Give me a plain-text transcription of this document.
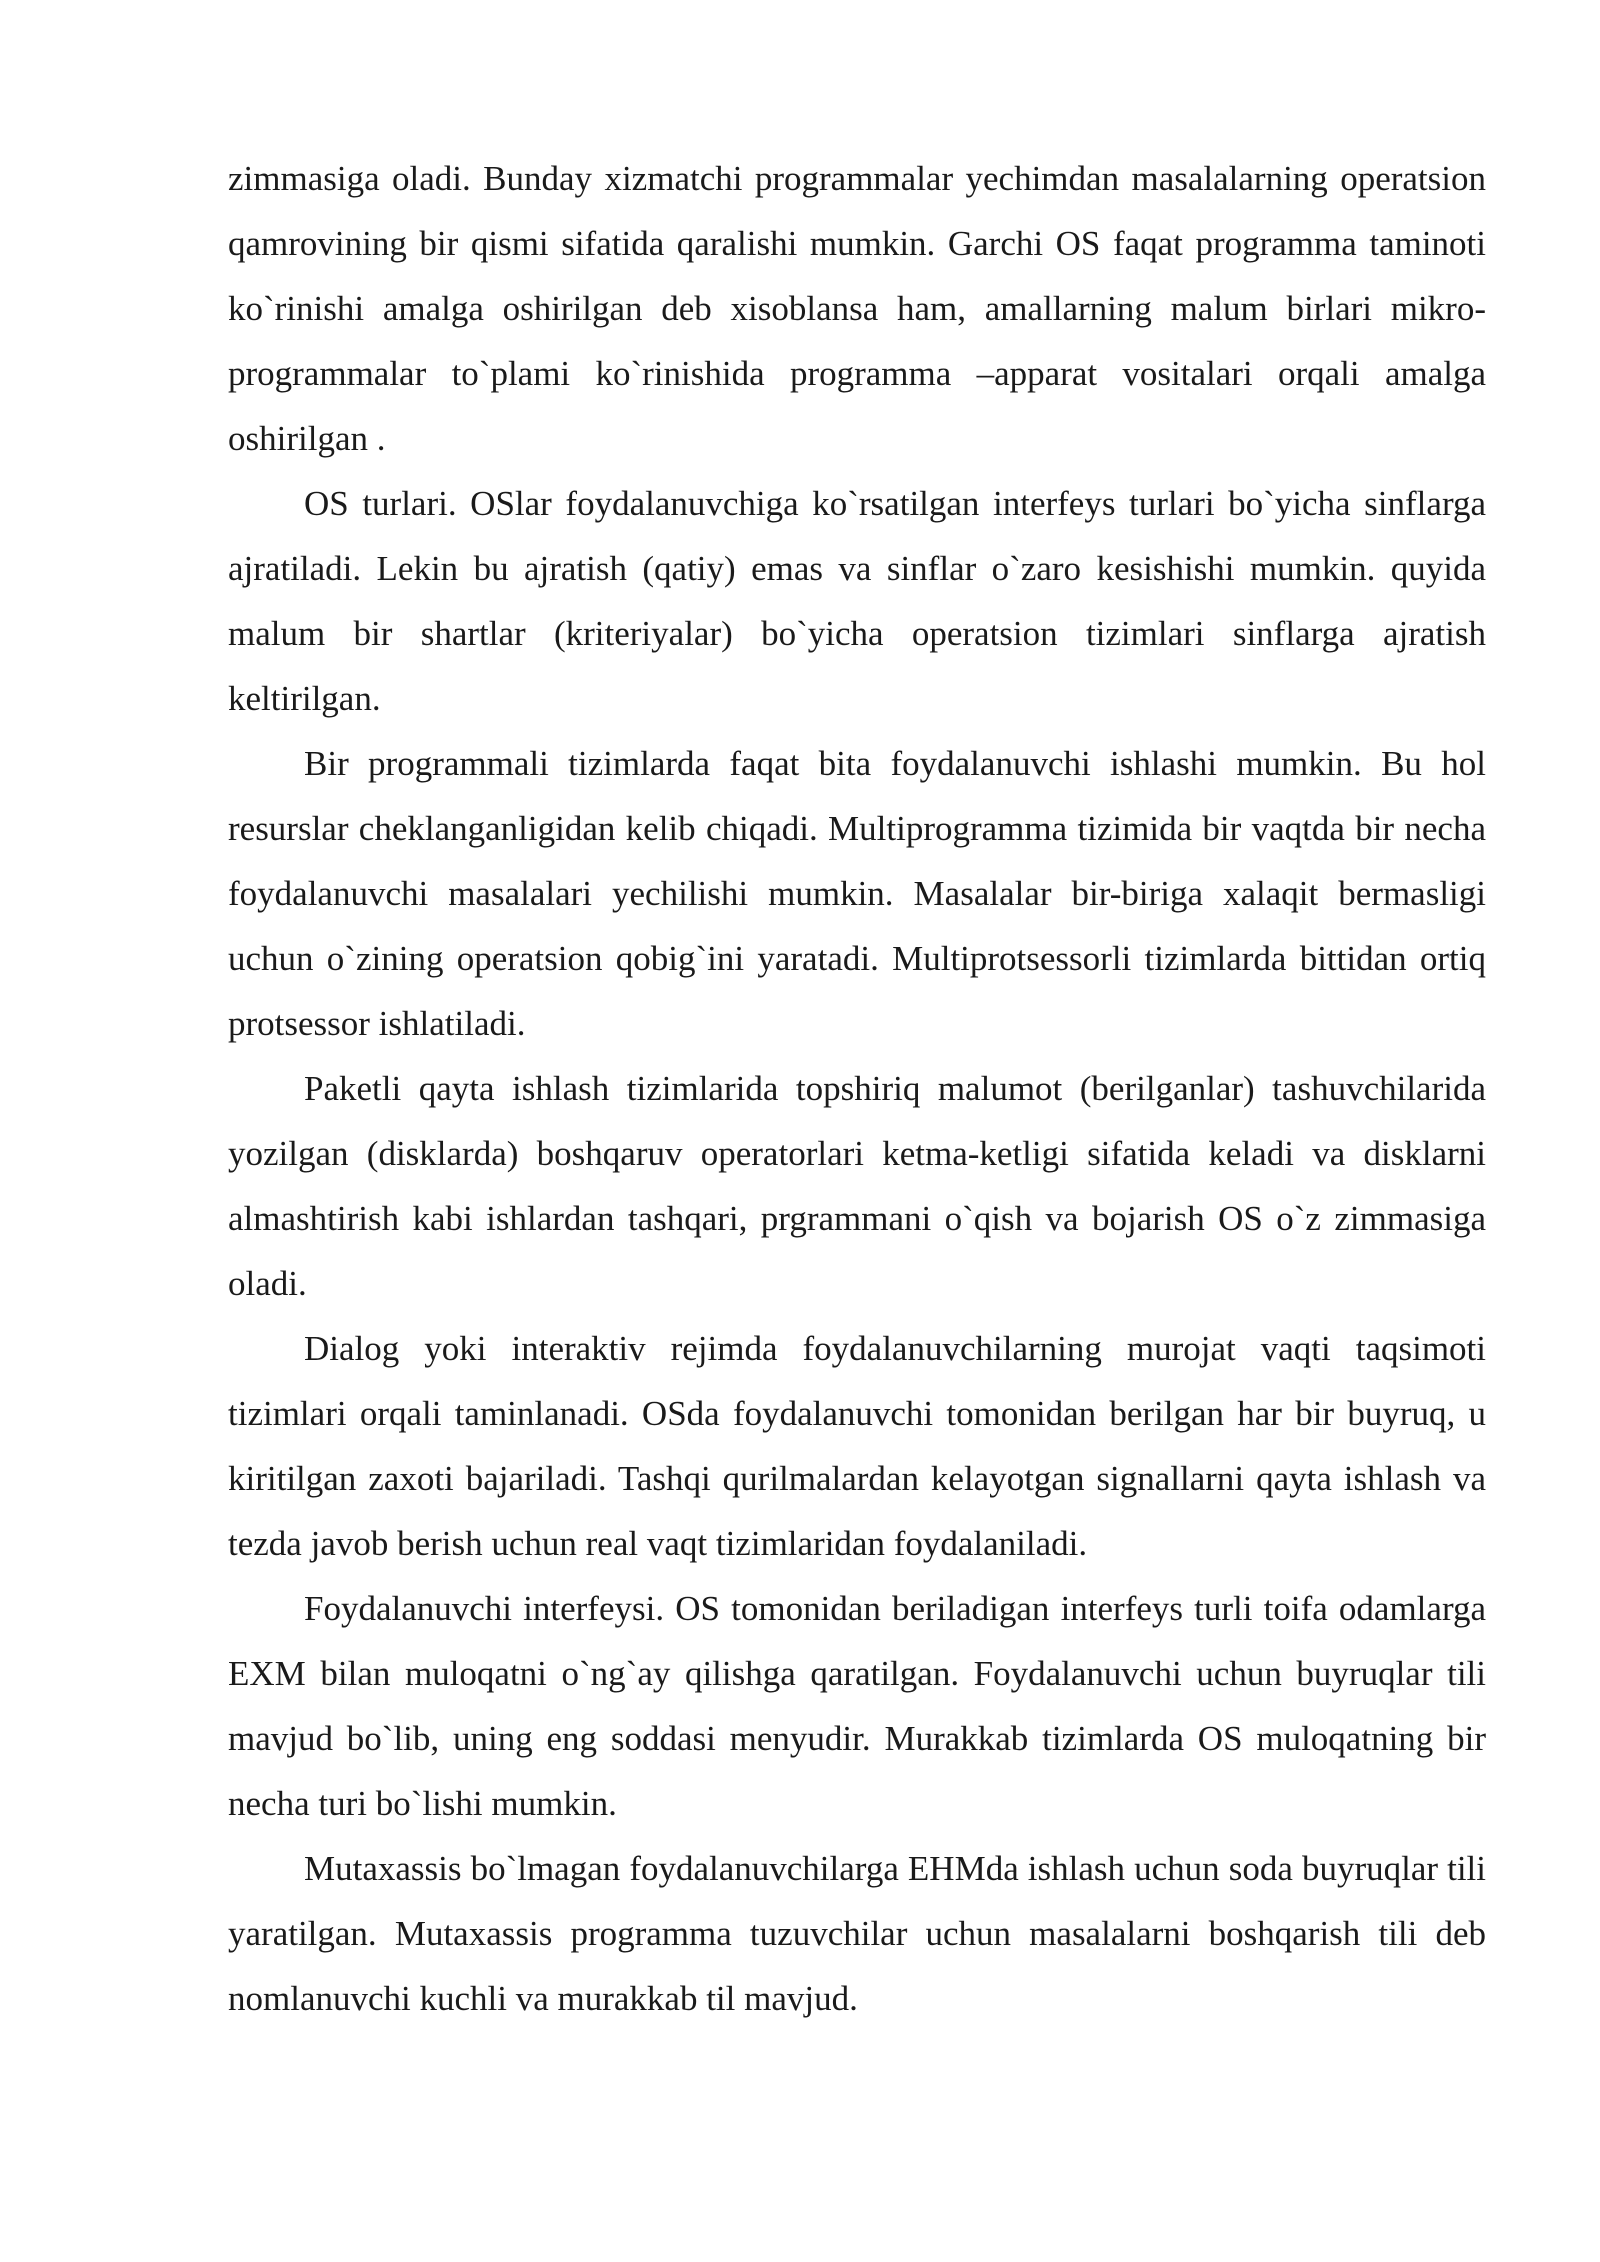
zimmasiga oladi. Bunday xizmatchi programmalar yechimdan masalalarning operatsion qamrovining bir qismi sifatida qaralishi mumkin. Garchi OS faqat programma taminoti ko`rinishi amalga oshirilgan deb xisoblansa ham, amallarning malum birlari mikro-programmalar to`plami ko`rinishida programma –apparat vositalari orqali amalga oshirilgan .

OS turlari. OSlar foydalanuvchiga ko`rsatilgan interfeys turlari bo`yicha sinflarga ajratiladi. Lekin bu ajratish (qatiy) emas va sinflar o`zaro kesishishi mumkin. quyida malum bir shartlar (kriteriyalar) bo`yicha operatsion tizimlari sinflarga ajratish keltirilgan.

Bir programmali tizimlarda faqat bita foydalanuvchi ishlashi mumkin. Bu hol resurslar cheklanganligidan kelib chiqadi. Multiprogramma tizimida bir vaqtda bir necha foydalanuvchi masalalari yechilishi mumkin. Masalalar bir-biriga xalaqit bermasligi uchun o`zining operatsion qobig`ini yaratadi. Multiprotsessorli tizimlarda bittidan ortiq protsessor ishlatiladi.

Paketli qayta ishlash tizimlarida topshiriq malumot (berilganlar) tashuvchilarida yozilgan (disklarda) boshqaruv operatorlari ketma-ketligi sifatida keladi va disklarni almashtirish kabi ishlardan tashqari, prgrammani o`qish va bojarish OS o`z zimmasiga oladi.

Dialog yoki interaktiv rejimda foydalanuvchilarning murojat vaqti taqsimoti tizimlari orqali taminlanadi. OSda foydalanuvchi tomonidan berilgan har bir buyruq, u kiritilgan zaxoti bajariladi. Tashqi qurilmalardan kelayotgan signallarni qayta ishlash va tezda javob berish uchun real vaqt tizimlaridan foydalaniladi.

Foydalanuvchi interfeysi. OS tomonidan beriladigan interfeys turli toifa odamlarga EXM bilan muloqatni o`ng`ay qilishga qaratilgan. Foydalanuvchi uchun buyruqlar tili mavjud bo`lib, uning eng soddasi menyudir. Murakkab tizimlarda OS muloqatning bir necha turi bo`lishi mumkin.

Mutaxassis bo`lmagan foydalanuvchilarga EHMda ishlash uchun soda buyruqlar tili yaratilgan. Mutaxassis programma tuzuvchilar uchun masalalarni boshqarish tili deb nomlanuvchi kuchli va murakkab til mavjud.
